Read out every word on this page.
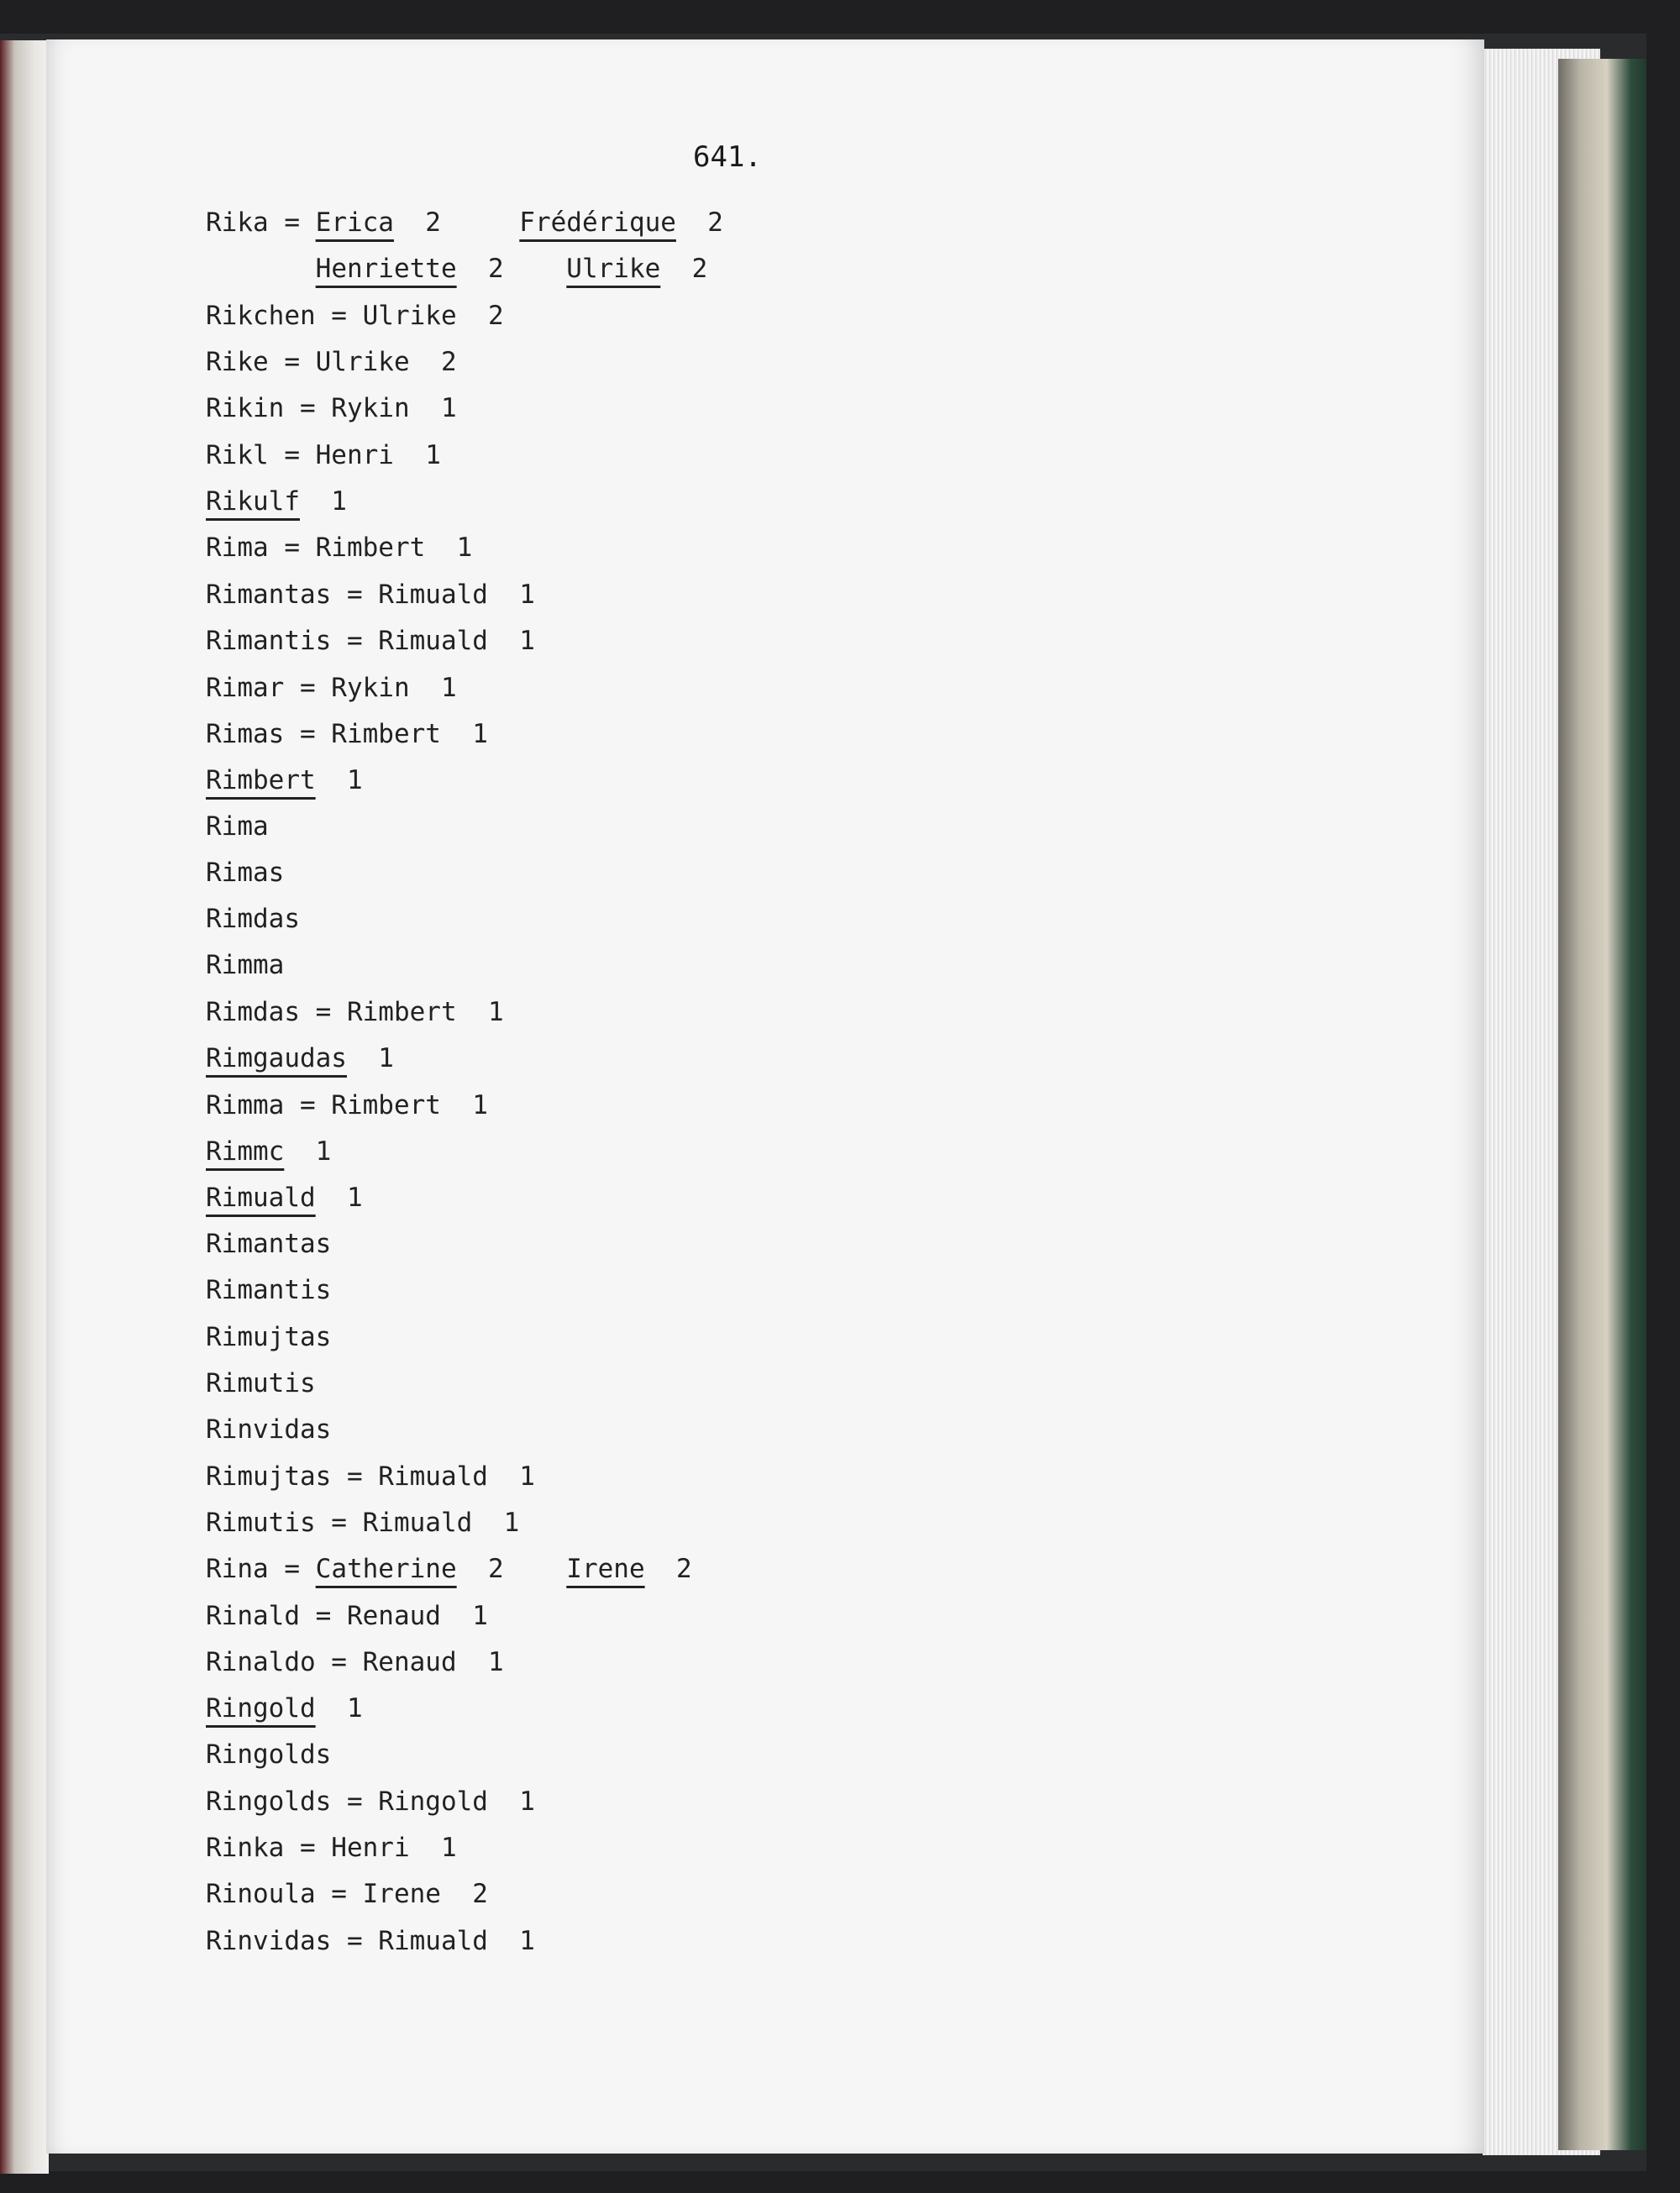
641.
Rika = Erica  2     Frédérique  2
Henriette  2    Ulrike  2
Rikchen = Ulrike  2
Rike = Ulrike  2
Rikin = Rykin  1
Rikl = Henri  1
Rikulf  1
Rima = Rimbert  1
Rimantas = Rimuald  1
Rimantis = Rimuald  1
Rimar = Rykin  1
Rimas = Rimbert  1
Rimbert  1
Rima
Rimas
Rimdas
Rimma
Rimdas = Rimbert  1
Rimgaudas  1
Rimma = Rimbert  1
Rimmc  1
Rimuald  1
Rimantas
Rimantis
Rimujtas
Rimutis
Rinvidas
Rimujtas = Rimuald  1
Rimutis = Rimuald  1
Rina = Catherine  2    Irene  2
Rinald = Renaud  1
Rinaldo = Renaud  1
Ringold  1
Ringolds
Ringolds = Ringold  1
Rinka = Henri  1
Rinoula = Irene  2
Rinvidas = Rimuald  1
